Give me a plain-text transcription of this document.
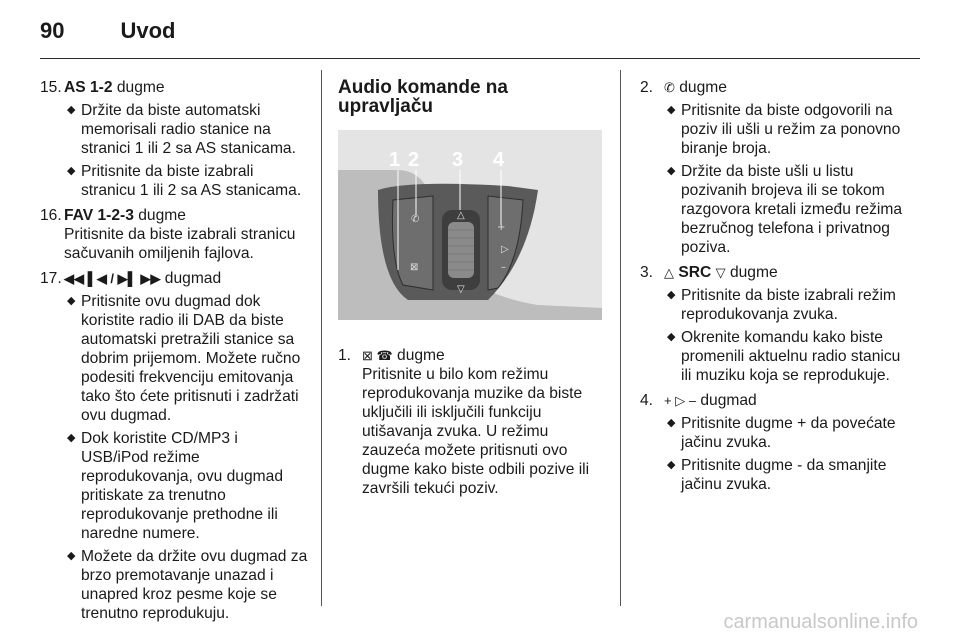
90	Uvod
15. AS 1-2 dugme
◆ Držite da biste automatski memorisali radio stanice na stranici 1 ili 2 sa AS stanicama.
◆ Pritisnite da biste izabrali stranicu 1 ili 2 sa AS stanicama.
16. FAV 1-2-3 dugme
Pritisnite da biste izabrali stranicu sačuvanih omiljenih fajlova.
17. ◀◀ ▌◀ / ▶▌ ▶▶ dugmad
◆ Pritisnite ovu dugmad dok koristite radio ili DAB da biste automatski pretražili stanice sa dobrim prijemom. Možete ručno podesiti frekvenciju emitovanja tako što ćete pritisnuti i zadržati ovu dugmad.
◆ Dok koristite CD/MP3 i USB/iPod režime reprodukovanja, ovu dugmad pritiskate za trenutno reprodukovanje prethodne ili naredne numere.
◆ Možete da držite ovu dugmad za brzo premotavanje unazad i unapred kroz pesme koje se trenutno reprodukuju.
Audio komande na upravljaču
△
▽
+
▷
–
✆
⊠
1 2 3 4
1. ⊠ ☎ dugme
Pritisnite u bilo kom režimu reprodukovanja muzike da biste uključili ili isključili funkciju utišavanja zvuka. U režimu zauzeća možete pritisnuti ovo dugme kako biste odbili pozive ili završili tekući poziv.
2. ✆ dugme
◆ Pritisnite da biste odgovorili na poziv ili ušli u režim za ponovno biranje broja.
◆ Držite da biste ušli u listu pozivanih brojeva ili se tokom razgovora kretali između režima bezručnog telefona i privatnog poziva.
3. △ SRC ▽ dugme
◆ Pritisnite da biste izabrali režim reprodukovanja zvuka.
◆ Okrenite komandu kako biste promenili aktuelnu radio stanicu ili muziku koja se reprodukuje.
4. + ▷ – dugmad
◆ Pritisnite dugme + da povećate jačinu zvuka.
◆ Pritisnite dugme - da smanjite jačinu zvuka.
carmanualsonline.info
